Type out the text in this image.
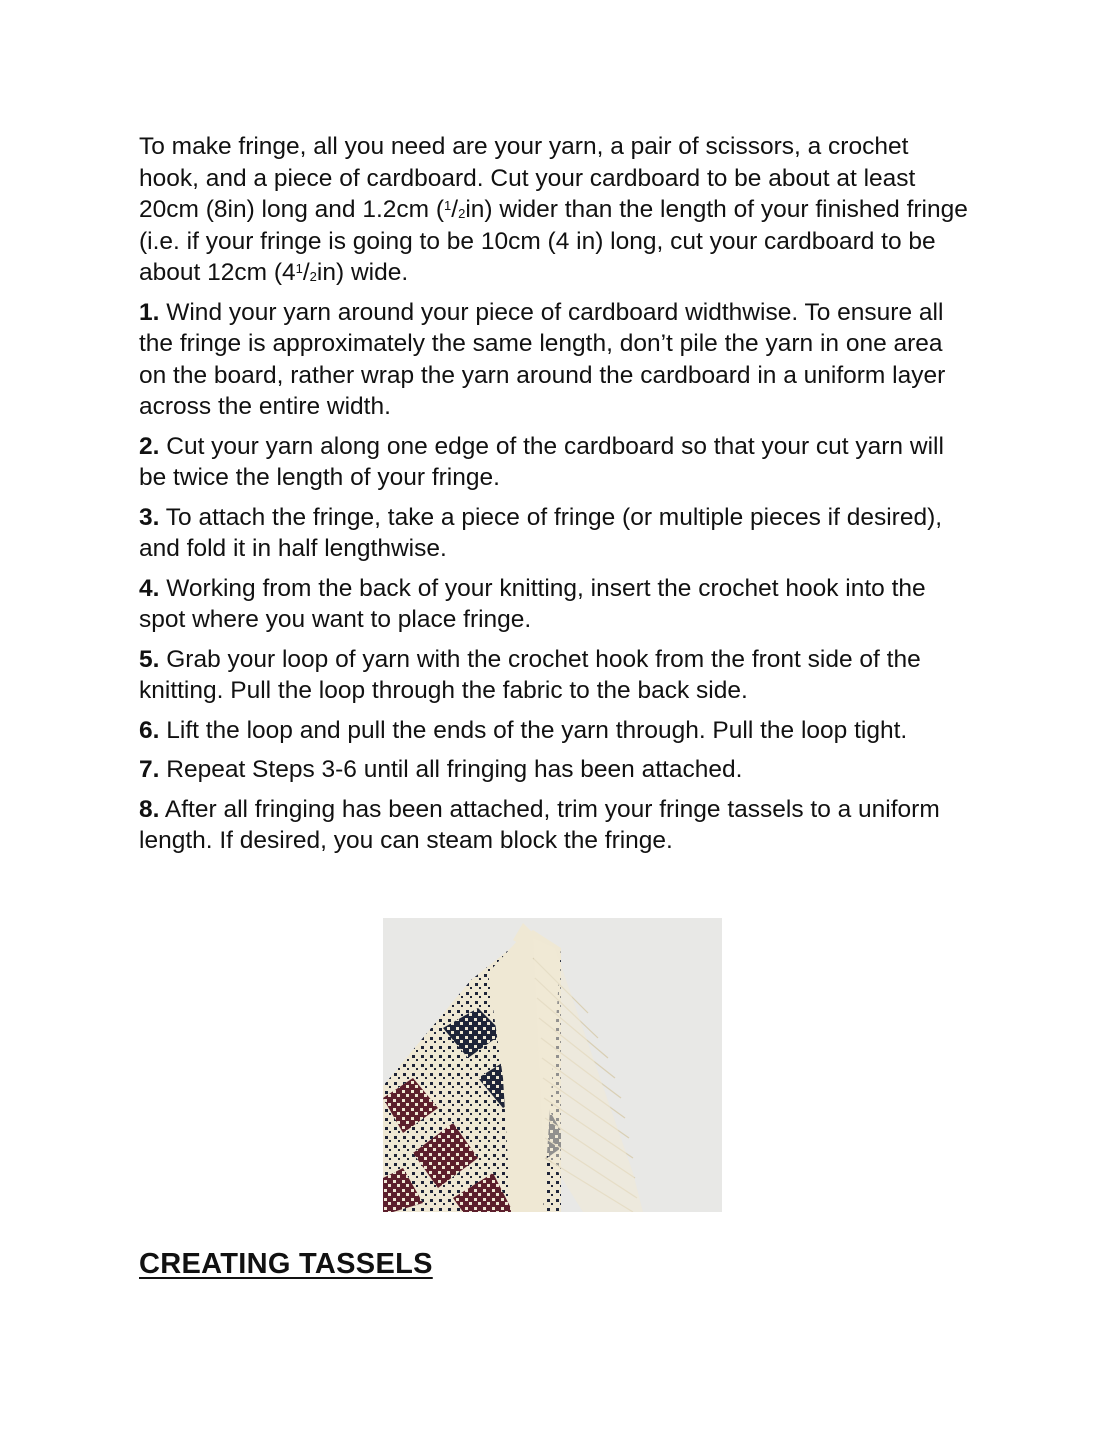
To make fringe, all you need are your yarn, a pair of scissors, a crochet hook, and a piece of cardboard. Cut your cardboard to be about at least 20cm (8in) long and 1.2cm $(^1/_2in)$ wider than the length of your finished fringe (i.e. if your fringe is going to be 10cm (4 in) long, cut your cardboard to be about 12cm $(4^1/_2in)$ wide.

1. Wind your yarn around your piece of cardboard widthwise. To ensure all the fringe is approximately the same length, don’t pile the yarn in one area on the board, rather wrap the yarn around the cardboard in a uniform layer across the entire width.

2. Cut your yarn along one edge of the cardboard so that your cut yarn will be twice the length of your fringe.

3. To attach the fringe, take a piece of fringe (or multiple pieces if desired), and fold it in half lengthwise.

4. Working from the back of your knitting, insert the crochet hook into the spot where you want to place fringe.

5. Grab your loop of yarn with the crochet hook from the front side of the knitting. Pull the loop through the fabric to the back side.

6. Lift the loop and pull the ends of the yarn through. Pull the loop tight.

7. Repeat Steps 3-6 until all fringing has been attached.

8. After all fringing has been attached, trim your fringe tassels to a uniform length. If desired, you can steam block the fringe.

CREATING TASSELS
